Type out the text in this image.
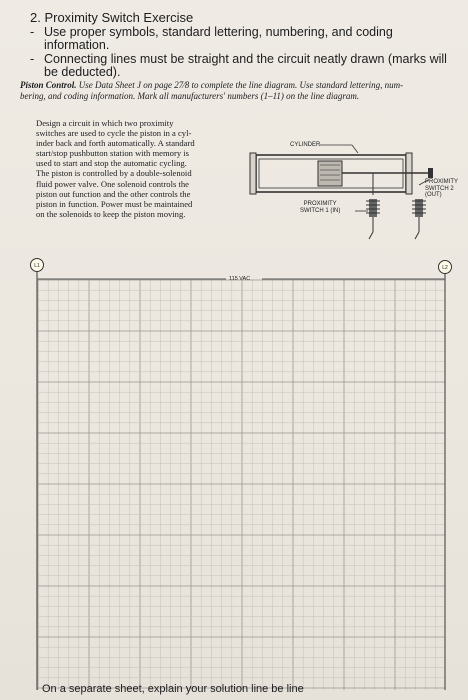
2. Proximity Switch Exercise
- Use proper symbols, standard lettering, numbering, and coding information.
- Connecting lines must be straight and the circuit neatly drawn (marks will be deducted).
Piston Control. Use Data Sheet J on page 27⁄8 to complete the line diagram. Use standard lettering, num-
bering, and coding information. Mark all manufacturers' numbers (1–11) on the line diagram.
Design a circuit in which two proximity
switches are used to cycle the piston in a cyl-
inder back and forth automatically. A standard
start/stop pushbutton station with memory is
used to start and stop the automatic cycling.
The piston is controlled by a double-solenoid
fluid power valve. One solenoid controls the
piston out function and the other controls the
piston in function. Power must be maintained
on the solenoids to keep the piston moving.
CYLINDER
PROXIMITY
SWITCH 1 (IN)
PROXIMITY
SWITCH 2
(OUT)
L1	L2
115 VAC
On a separate sheet, explain your solution line be line
